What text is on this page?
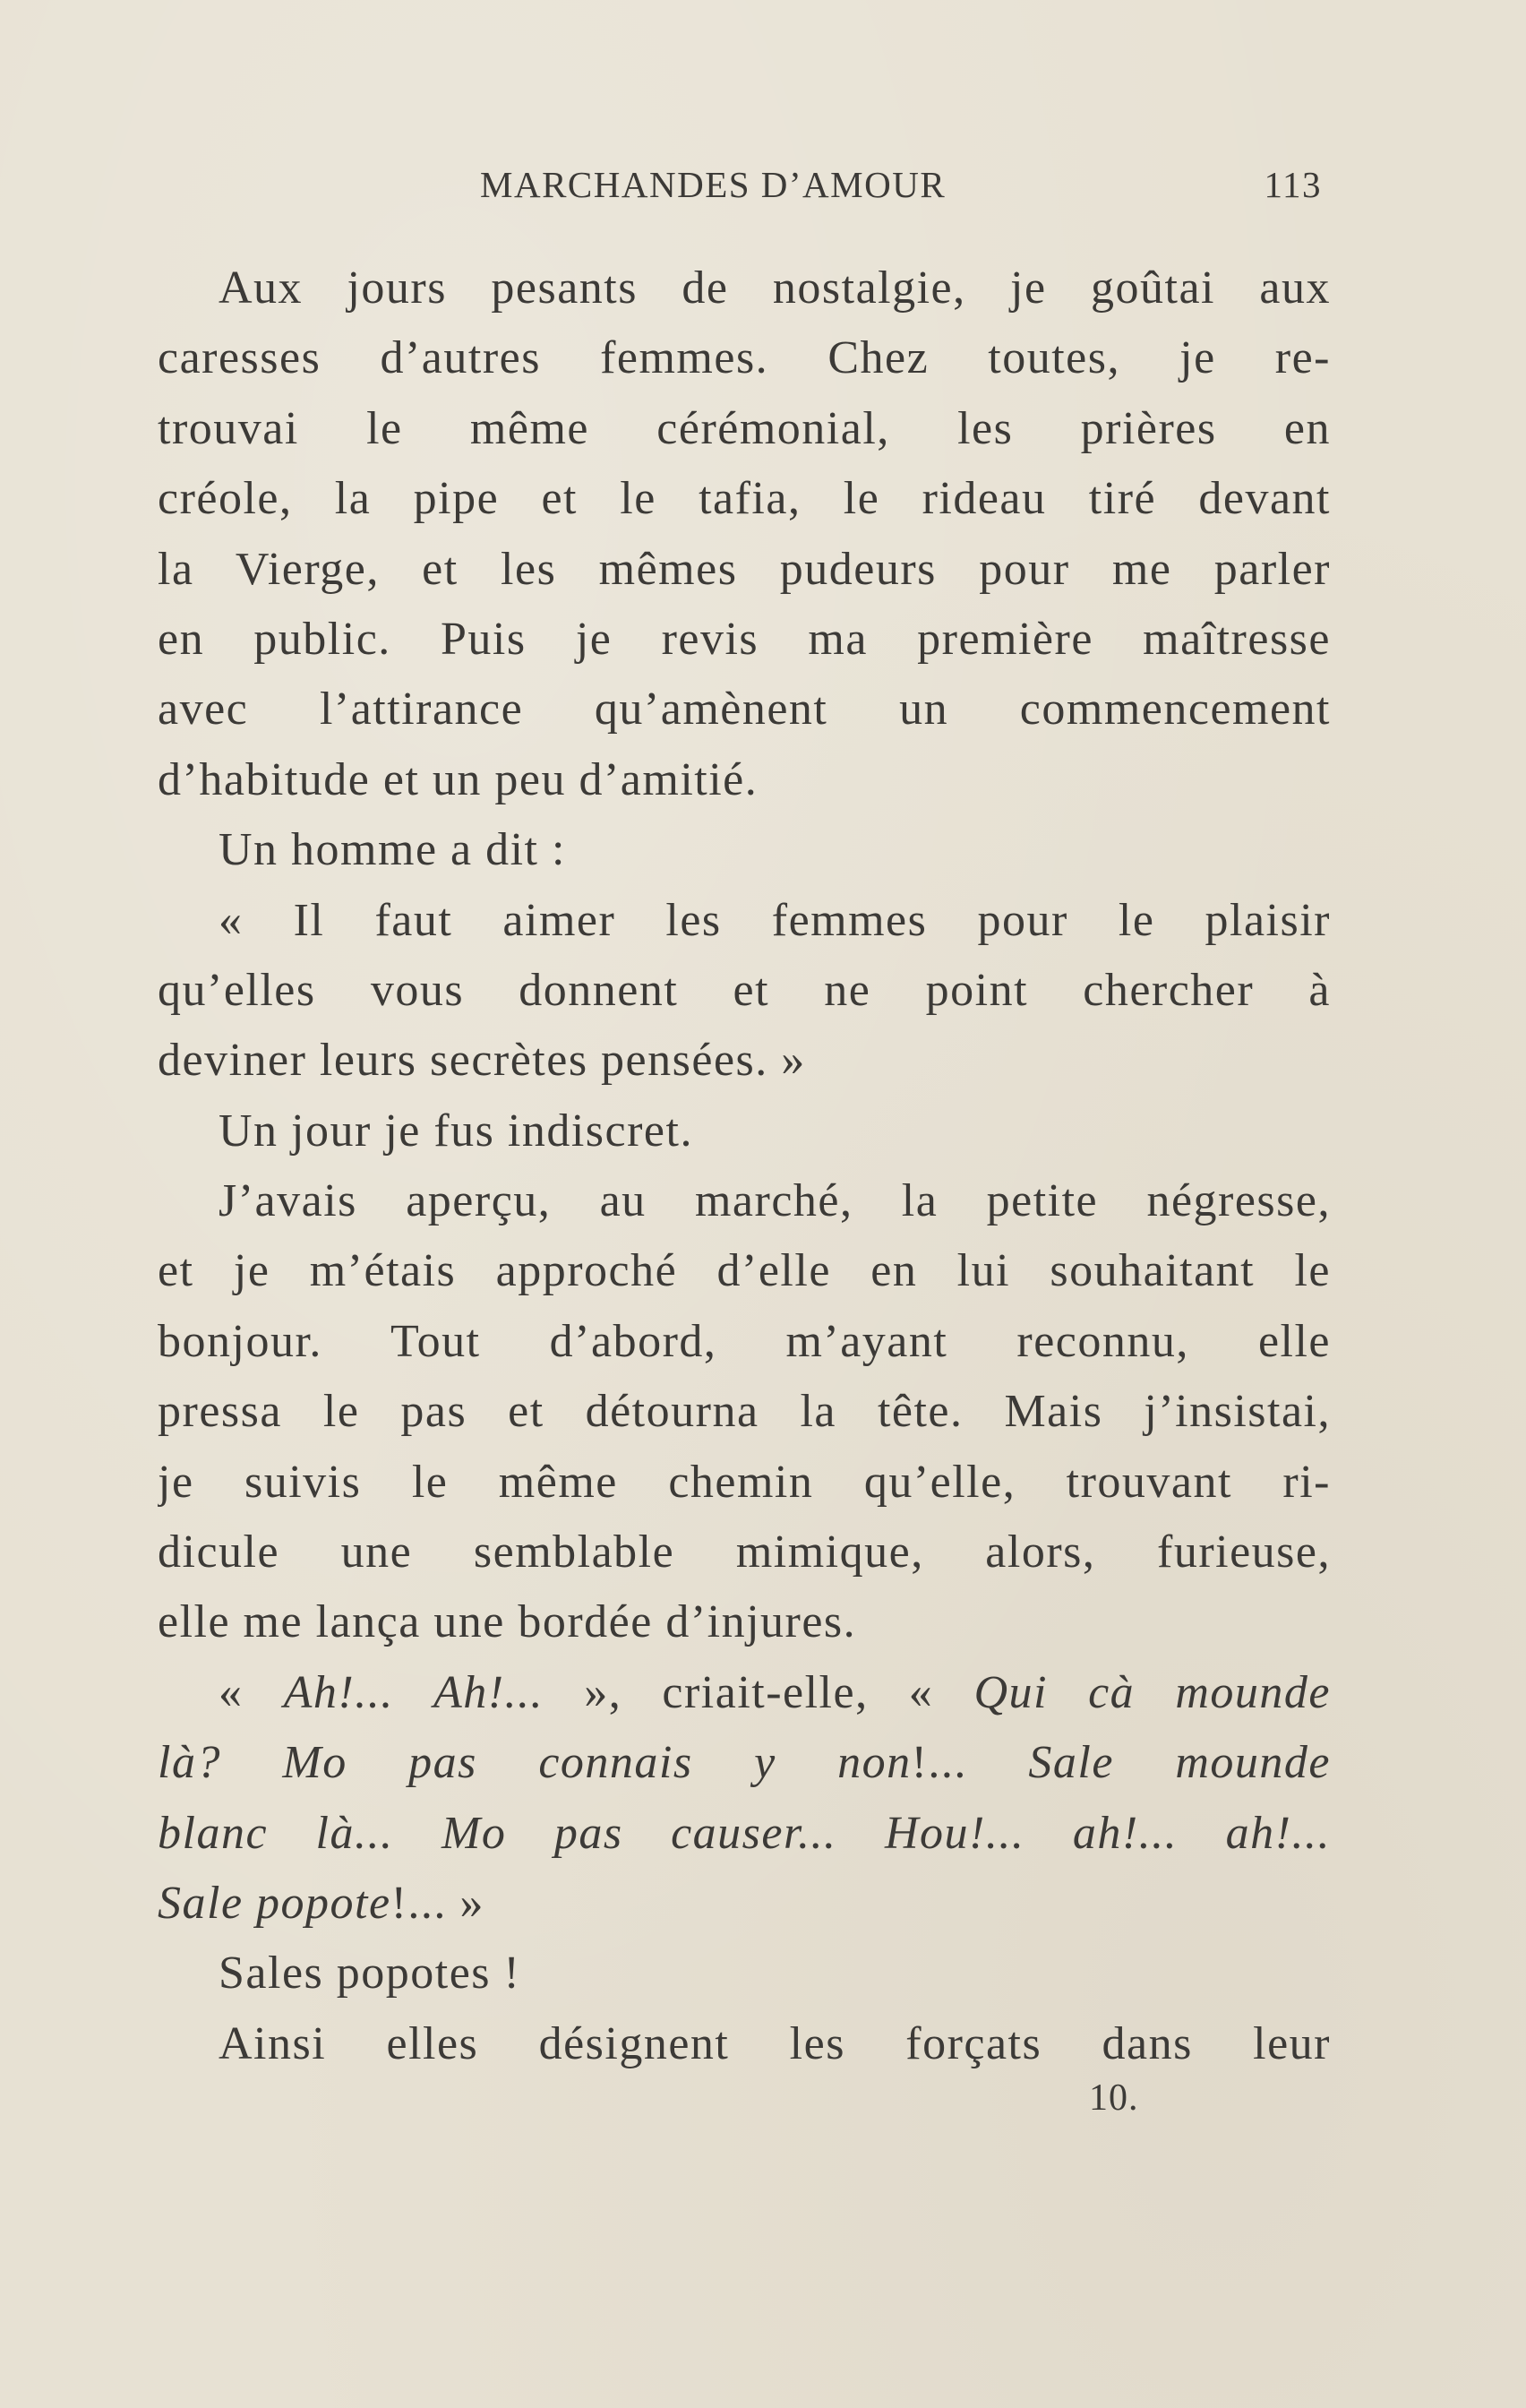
MARCHANDES D’AMOUR	113
Aux jours pesants de nostalgie, je goûtai aux
caresses d’autres femmes. Chez toutes, je re-
trouvai le même cérémonial, les prières en
créole, la pipe et le tafia, le rideau tiré devant
la Vierge, et les mêmes pudeurs pour me parler
en public. Puis je revis ma première maîtresse
avec l’attirance qu’amènent un commencement
d’habitude et un peu d’amitié.
Un homme a dit :
« Il faut aimer les femmes pour le plaisir
qu’elles vous donnent et ne point chercher à
deviner leurs secrètes pensées. »
Un jour je fus indiscret.
J’avais aperçu, au marché, la petite négresse,
et je m’étais approché d’elle en lui souhaitant le
bonjour. Tout d’abord, m’ayant reconnu, elle
pressa le pas et détourna la tête. Mais j’insistai,
je suivis le même chemin qu’elle, trouvant ri-
dicule une semblable mimique, alors, furieuse,
elle me lança une bordée d’injures.
« Ah!... Ah!... », criait-elle, « Qui cà mounde
là? Mo pas connais y non!... Sale mounde
blanc là... Mo pas causer... Hou!... ah!... ah!...
Sale popote!... »
Sales popotes !
Ainsi elles désignent les forçats dans leur
10.
